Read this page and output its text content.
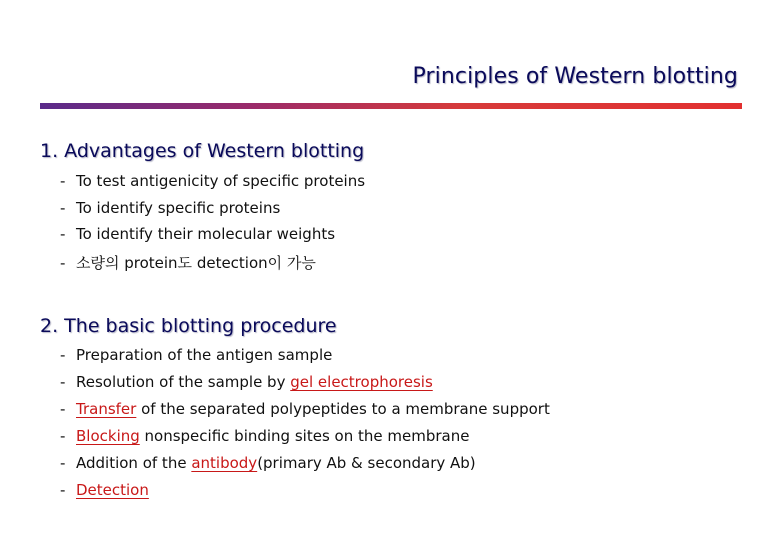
Principles of Western blotting
1. Advantages of Western blotting
- To test antigenicity of specific proteins
- To identify specific proteins
- To identify their molecular weights
- 소량의 protein도 detection이 가능
2. The basic blotting procedure
- Preparation of the antigen sample
- Resolution of the sample by gel electrophoresis
- Transfer of the separated polypeptides to a membrane support
- Blocking nonspecific binding sites on the membrane
- Addition of the antibody(primary Ab & secondary Ab)
- Detection
